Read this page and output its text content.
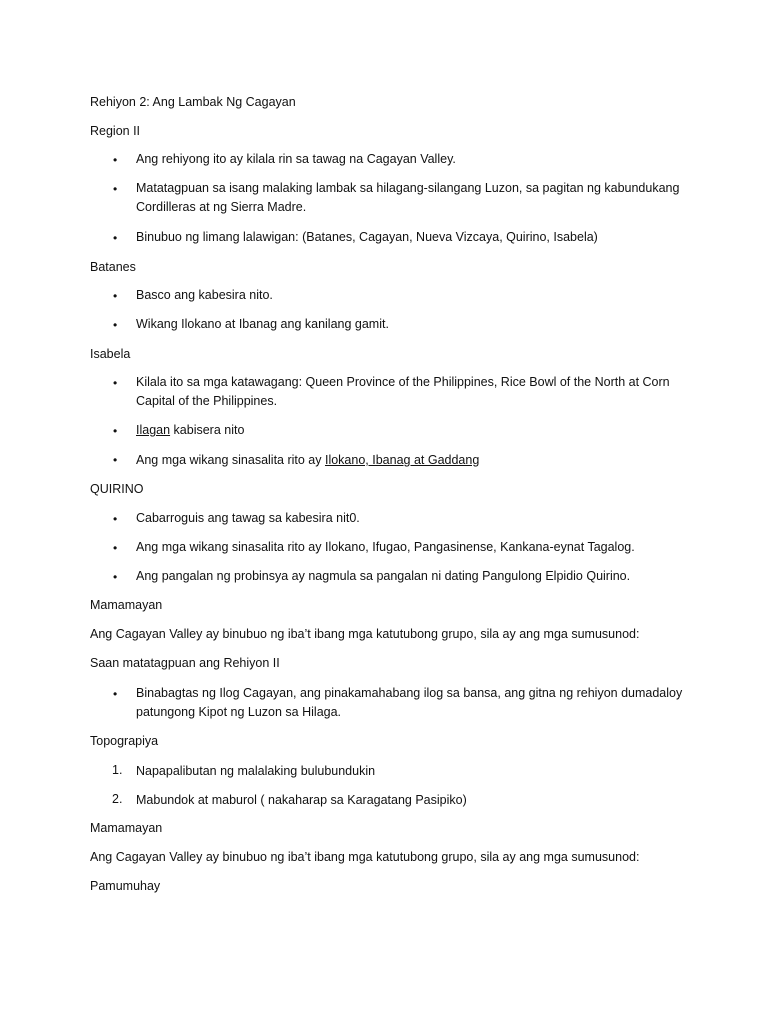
Rehiyon 2: Ang Lambak Ng Cagayan
Region II
• Ang rehiyong ito ay kilala rin sa tawag na Cagayan Valley.
• Matatagpuan sa isang malaking lambak sa hilagang-silangang Luzon, sa pagitan ng kabundukang Cordilleras at ng Sierra Madre.
• Binubuo ng limang lalawigan: (Batanes, Cagayan, Nueva Vizcaya, Quirino, Isabela)
Batanes
• Basco ang kabesira nito.
• Wikang Ilokano at Ibanag ang kanilang gamit.
Isabela
• Kilala ito sa mga katawagang: Queen Province of the Philippines, Rice Bowl of the North at Corn Capital of the Philippines.
• Ilagan kabisera nito
• Ang mga wikang sinasalita rito ay Ilokano, Ibanag at Gaddang
QUIRINO
• Cabarroguis ang tawag sa kabesira nit0.
• Ang mga wikang sinasalita rito ay Ilokano, Ifugao, Pangasinense, Kankana-eynat Tagalog.
• Ang pangalan ng probinsya ay nagmula sa pangalan ni dating Pangulong Elpidio Quirino.
Mamamayan
Ang Cagayan Valley ay binubuo ng iba’t ibang mga katutubong grupo, sila ay ang mga sumusunod:
Saan matatagpuan ang Rehiyon II
• Binabagtas ng Ilog Cagayan, ang pinakamahabang ilog sa bansa, ang gitna ng rehiyon dumadaloy patungong Kipot ng Luzon sa Hilaga.
Topograpiya
1. Napapalibutan ng malalaking bulubundukin
2. Mabundok at maburol ( nakaharap sa Karagatang Pasipiko)
Mamamayan
Ang Cagayan Valley ay binubuo ng iba’t ibang mga katutubong grupo, sila ay ang mga sumusunod:
Pamumuhay
